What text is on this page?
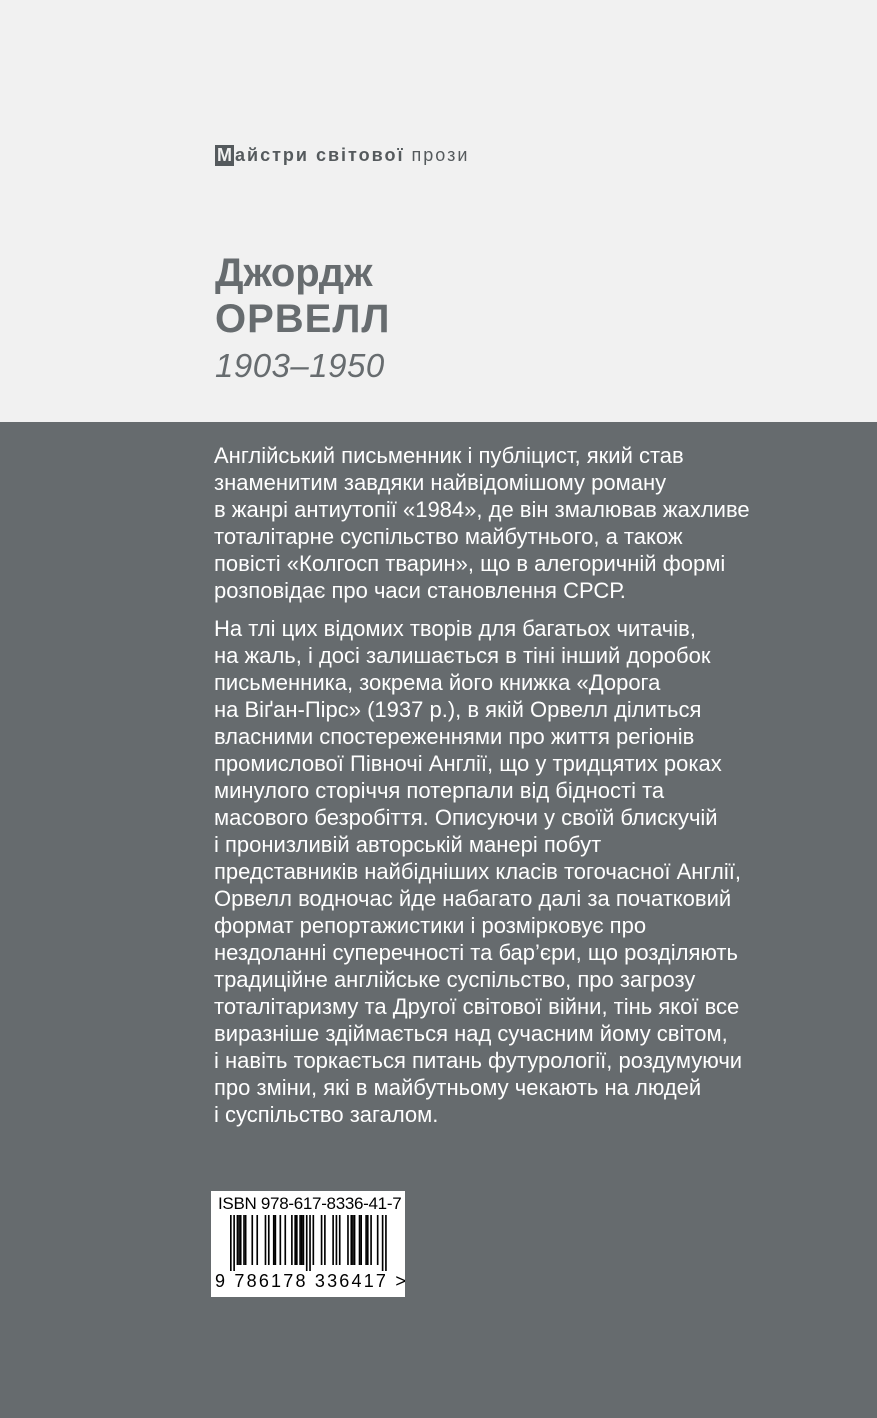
М айстри світової прози
Джордж
ОРВЕЛЛ
1903–1950

Англійський письменник і публіцист, який став
знаменитим завдяки найвідомішому роману
в жанрі антиутопії «1984», де він змалював жахливе
тоталітарне суспільство майбутнього, а також
повісті «Колгосп тварин», що в алегоричній формі
розповідає про часи становлення СРСР.

На тлі цих відомих творів для багатьох читачів,
на жаль, і досі залишається в тіні інший доробок
письменника, зокрема його книжка «Дорога
на Віґан-Пірс» (1937 р.), в якій Орвелл ділиться
власними спостереженнями про життя регіонів
промислової Півночі Англії, що у тридцятих роках
минулого сторіччя потерпали від бідності та
масового безробіття. Описуючи у своїй блискучій
і пронизливій авторській манері побут
представників найбідніших класів тогочасної Англії,
Орвелл водночас йде набагато далі за початковий
формат репортажистики і розмірковує про
нездоланні суперечності та бар’єри, що розділяють
традиційне англійське суспільство, про загрозу
тоталітаризму та Другої світової війни, тінь якої все
виразніше здіймається над сучасним йому світом,
і навіть торкається питань футурології, роздумуючи
про зміни, які в майбутньому чекають на людей
і суспільство загалом.

ISBN 978-617-8336-41-7
9 786178 336417 >
